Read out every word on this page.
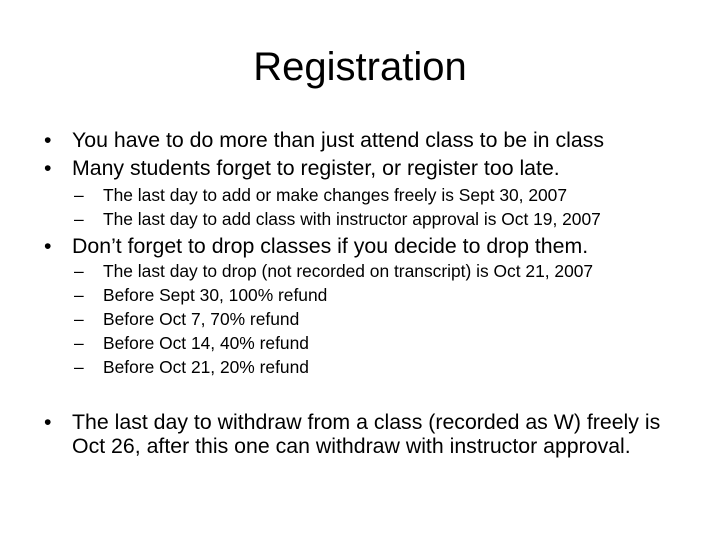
Registration
• You have to do more than just attend class to be in class
• Many students forget to register, or register too late.
– The last day to add or make changes freely is Sept 30, 2007
– The last day to add class with instructor approval is Oct 19, 2007
• Don’t forget to drop classes if you decide to drop them.
– The last day to drop (not recorded on transcript) is Oct 21, 2007
– Before Sept 30, 100% refund
– Before Oct 7, 70% refund
– Before Oct 14, 40% refund
– Before Oct 21, 20% refund
• The last day to withdraw from a class (recorded as W) freely is Oct 26, after this one can withdraw with instructor approval.
